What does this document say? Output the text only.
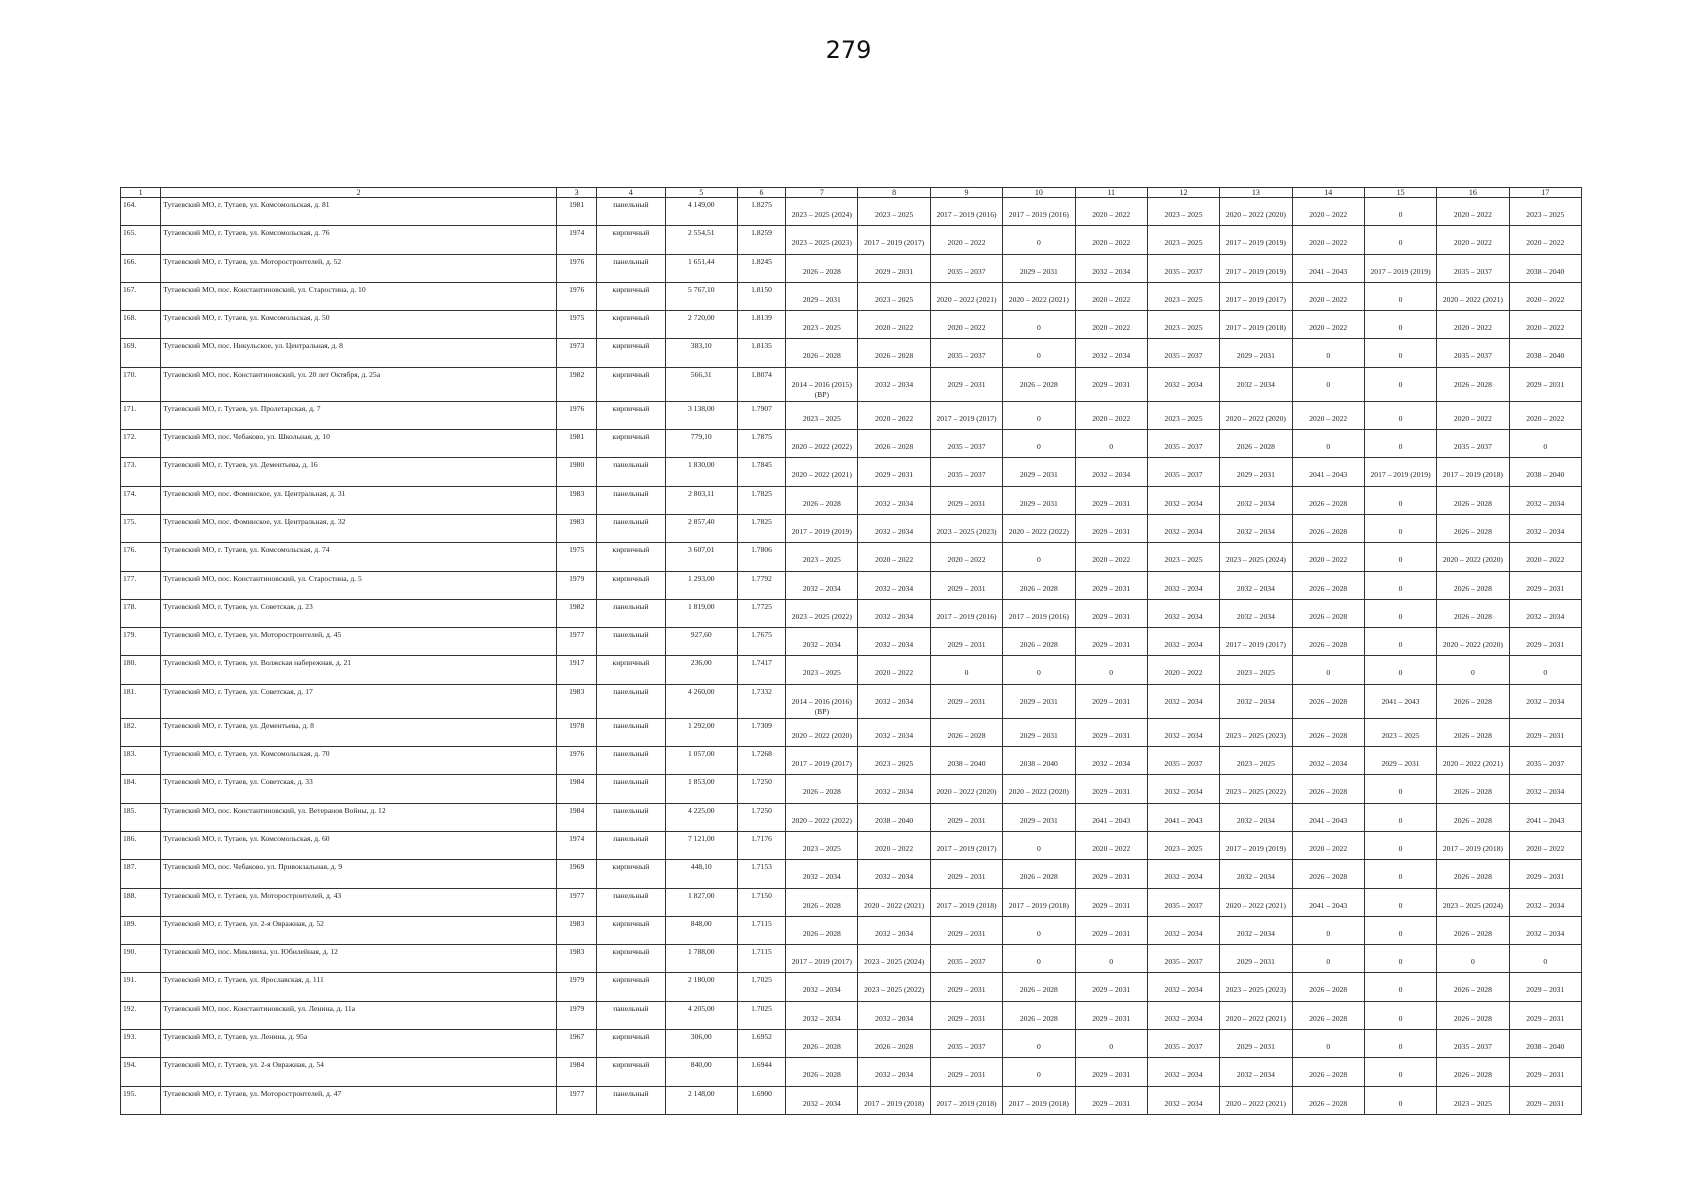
279
1	2	3	4	5	6	7	8	9	10	11	12	13	14	15	16	17
164.	Тутаевский МО, г. Тутаев, ул. Комсомольская, д. 81	1981	панельный	4 149,00	1.8275	2023 – 2025 (2024)	2023 – 2025	2017 – 2019 (2016)	2017 – 2019 (2016)	2020 – 2022	2023 – 2025	2020 – 2022 (2020)	2020 – 2022	0	2020 – 2022	2023 – 2025
165.	Тутаевский МО, г. Тутаев, ул. Комсомольская, д. 76	1974	кирпичный	2 554,51	1.8259	2023 – 2025 (2023)	2017 – 2019 (2017)	2020 – 2022	0	2020 – 2022	2023 – 2025	2017 – 2019 (2019)	2020 – 2022	0	2020 – 2022	2020 – 2022
166.	Тутаевский МО, г. Тутаев, ул. Моторостроителей, д. 52	1976	панельный	1 651,44	1.8245	2026 – 2028	2029 – 2031	2035 – 2037	2029 – 2031	2032 – 2034	2035 – 2037	2017 – 2019 (2019)	2041 – 2043	2017 – 2019 (2019)	2035 – 2037	2038 – 2040
167.	Тутаевский МО, пос. Константиновский, ул. Старостина, д. 10	1976	кирпичный	5 767,10	1.8150	2029 – 2031	2023 – 2025	2020 – 2022 (2021)	2020 – 2022 (2021)	2020 – 2022	2023 – 2025	2017 – 2019 (2017)	2020 – 2022	0	2020 – 2022 (2021)	2020 – 2022
168.	Тутаевский МО, г. Тутаев, ул. Комсомольская, д. 50	1975	кирпичный	2 720,00	1.8139	2023 – 2025	2020 – 2022	2020 – 2022	0	2020 – 2022	2023 – 2025	2017 – 2019 (2018)	2020 – 2022	0	2020 – 2022	2020 – 2022
169.	Тутаевский МО, пос. Никульское, ул. Центральная, д. 8	1973	кирпичный	383,10	1.8135	2026 – 2028	2026 – 2028	2035 – 2037	0	2032 – 2034	2035 – 2037	2029 – 2031	0	0	2035 – 2037	2038 – 2040
170.	Тутаевский МО, пос. Константиновский, ул. 20 лет Октября, д. 25а	1982	кирпичный	566,31	1.8074	2014 – 2016 (2015) (ВР)	2032 – 2034	2029 – 2031	2026 – 2028	2029 – 2031	2032 – 2034	2032 – 2034	0	0	2026 – 2028	2029 – 2031
171.	Тутаевский МО, г. Тутаев, ул. Пролетарская, д. 7	1976	кирпичный	3 138,00	1.7907	2023 – 2025	2020 – 2022	2017 – 2019 (2017)	0	2020 – 2022	2023 – 2025	2020 – 2022 (2020)	2020 – 2022	0	2020 – 2022	2020 – 2022
172.	Тутаевский МО, пос. Чебаково, ул. Школьная, д. 10	1981	кирпичный	779,10	1.7875	2020 – 2022 (2022)	2026 – 2028	2035 – 2037	0	0	2035 – 2037	2026 – 2028	0	0	2035 – 2037	0
173.	Тутаевский МО, г. Тутаев, ул. Дементьева, д. 16	1980	панельный	1 830,00	1.7845	2020 – 2022 (2021)	2029 – 2031	2035 – 2037	2029 – 2031	2032 – 2034	2035 – 2037	2029 – 2031	2041 – 2043	2017 – 2019 (2019)	2017 – 2019 (2018)	2038 – 2040
174.	Тутаевский МО, пос. Фоминское, ул. Центральная, д. 31	1983	панельный	2 803,11	1.7825	2026 – 2028	2032 – 2034	2029 – 2031	2029 – 2031	2029 – 2031	2032 – 2034	2032 – 2034	2026 – 2028	0	2026 – 2028	2032 – 2034
175.	Тутаевский МО, пос. Фоминское, ул. Центральная, д. 32	1983	панельный	2 857,40	1.7825	2017 – 2019 (2019)	2032 – 2034	2023 – 2025 (2023)	2020 – 2022 (2022)	2029 – 2031	2032 – 2034	2032 – 2034	2026 – 2028	0	2026 – 2028	2032 – 2034
176.	Тутаевский МО, г. Тутаев, ул. Комсомольская, д. 74	1975	кирпичный	3 607,01	1.7806	2023 – 2025	2020 – 2022	2020 – 2022	0	2020 – 2022	2023 – 2025	2023 – 2025 (2024)	2020 – 2022	0	2020 – 2022 (2020)	2020 – 2022
177.	Тутаевский МО, пос. Константиновский, ул. Старостина, д. 5	1979	кирпичный	1 293,00	1.7792	2032 – 2034	2032 – 2034	2029 – 2031	2026 – 2028	2029 – 2031	2032 – 2034	2032 – 2034	2026 – 2028	0	2026 – 2028	2029 – 2031
178.	Тутаевский МО, г. Тутаев, ул. Советская, д. 23	1982	панельный	1 819,00	1.7725	2023 – 2025 (2022)	2032 – 2034	2017 – 2019 (2016)	2017 – 2019 (2016)	2029 – 2031	2032 – 2034	2032 – 2034	2026 – 2028	0	2026 – 2028	2032 – 2034
179.	Тутаевский МО, г. Тутаев, ул. Моторостроителей, д. 45	1977	панельный	927,60	1.7675	2032 – 2034	2032 – 2034	2029 – 2031	2026 – 2028	2029 – 2031	2032 – 2034	2017 – 2019 (2017)	2026 – 2028	0	2020 – 2022 (2020)	2029 – 2031
180.	Тутаевский МО, г. Тутаев, ул. Волжская набережная, д. 21	1917	кирпичный	236,00	1.7417	2023 – 2025	2020 – 2022	0	0	0	2020 – 2022	2023 – 2025	0	0	0	0
181.	Тутаевский МО, г. Тутаев, ул. Советская, д. 17	1983	панельный	4 260,00	1.7332	2014 – 2016 (2016) (ВР)	2032 – 2034	2029 – 2031	2029 – 2031	2029 – 2031	2032 – 2034	2032 – 2034	2026 – 2028	2041 – 2043	2026 – 2028	2032 – 2034
182.	Тутаевский МО, г. Тутаев, ул. Дементьева, д. 8	1978	панельный	1 292,00	1.7309	2020 – 2022 (2020)	2032 – 2034	2026 – 2028	2029 – 2031	2029 – 2031	2032 – 2034	2023 – 2025 (2023)	2026 – 2028	2023 – 2025	2026 – 2028	2029 – 2031
183.	Тутаевский МО, г. Тутаев, ул. Комсомольская, д. 70	1976	панельный	1 057,00	1.7268	2017 – 2019 (2017)	2023 – 2025	2038 – 2040	2038 – 2040	2032 – 2034	2035 – 2037	2023 – 2025	2032 – 2034	2029 – 2031	2020 – 2022 (2021)	2035 – 2037
184.	Тутаевский МО, г. Тутаев, ул. Советская, д. 33	1984	панельный	1 853,00	1.7250	2026 – 2028	2032 – 2034	2020 – 2022 (2020)	2020 – 2022 (2020)	2029 – 2031	2032 – 2034	2023 – 2025 (2022)	2026 – 2028	0	2026 – 2028	2032 – 2034
185.	Тутаевский МО, пос. Константиновский, ул. Ветеранов Войны, д. 12	1984	панельный	4 225,00	1.7250	2020 – 2022 (2022)	2038 – 2040	2029 – 2031	2029 – 2031	2041 – 2043	2041 – 2043	2032 – 2034	2041 – 2043	0	2026 – 2028	2041 – 2043
186.	Тутаевский МО, г. Тутаев, ул. Комсомольская, д. 60	1974	панельный	7 121,00	1.7176	2023 – 2025	2020 – 2022	2017 – 2019 (2017)	0	2020 – 2022	2023 – 2025	2017 – 2019 (2019)	2020 – 2022	0	2017 – 2019 (2018)	2020 – 2022
187.	Тутаевский МО, пос. Чебаково, ул. Привокзальная, д. 9	1969	кирпичный	448,10	1.7153	2032 – 2034	2032 – 2034	2029 – 2031	2026 – 2028	2029 – 2031	2032 – 2034	2032 – 2034	2026 – 2028	0	2026 – 2028	2029 – 2031
188.	Тутаевский МО, г. Тутаев, ул. Моторостроителей, д. 43	1977	панельный	1 827,00	1.7150	2026 – 2028	2020 – 2022 (2021)	2017 – 2019 (2018)	2017 – 2019 (2018)	2029 – 2031	2035 – 2037	2020 – 2022 (2021)	2041 – 2043	0	2023 – 2025 (2024)	2032 – 2034
189.	Тутаевский МО, г. Тутаев, ул. 2-я Овражная, д. 52	1983	кирпичный	848,00	1.7115	2026 – 2028	2032 – 2034	2029 – 2031	0	2029 – 2031	2032 – 2034	2032 – 2034	0	0	2026 – 2028	2032 – 2034
190.	Тутаевский МО, пос. Микляиха, ул. Юбилейная, д. 12	1983	кирпичный	1 788,00	1.7115	2017 – 2019 (2017)	2023 – 2025 (2024)	2035 – 2037	0	0	2035 – 2037	2029 – 2031	0	0	0	0
191.	Тутаевский МО, г. Тутаев, ул. Ярославская, д. 111	1979	кирпичный	2 180,00	1.7025	2032 – 2034	2023 – 2025 (2022)	2029 – 2031	2026 – 2028	2029 – 2031	2032 – 2034	2023 – 2025 (2023)	2026 – 2028	0	2026 – 2028	2029 – 2031
192.	Тутаевский МО, пос. Константиновский, ул. Ленина, д. 11а	1979	панельный	4 205,00	1.7025	2032 – 2034	2032 – 2034	2029 – 2031	2026 – 2028	2029 – 2031	2032 – 2034	2020 – 2022 (2021)	2026 – 2028	0	2026 – 2028	2029 – 2031
193.	Тутаевский МО, г. Тутаев, ул. Ленина, д. 95а	1967	кирпичный	306,00	1.6952	2026 – 2028	2026 – 2028	2035 – 2037	0	0	2035 – 2037	2029 – 2031	0	0	2035 – 2037	2038 – 2040
194.	Тутаевский МО, г. Тутаев, ул. 2-я Овражная, д. 54	1984	кирпичный	840,00	1.6944	2026 – 2028	2032 – 2034	2029 – 2031	0	2029 – 2031	2032 – 2034	2032 – 2034	2026 – 2028	0	2026 – 2028	2029 – 2031
195.	Тутаевский МО, г. Тутаев, ул. Моторостроителей, д. 47	1977	панельный	2 148,00	1.6900	2032 – 2034	2017 – 2019 (2018)	2017 – 2019 (2018)	2017 – 2019 (2018)	2029 – 2031	2032 – 2034	2020 – 2022 (2021)	2026 – 2028	0	2023 – 2025	2029 – 2031
